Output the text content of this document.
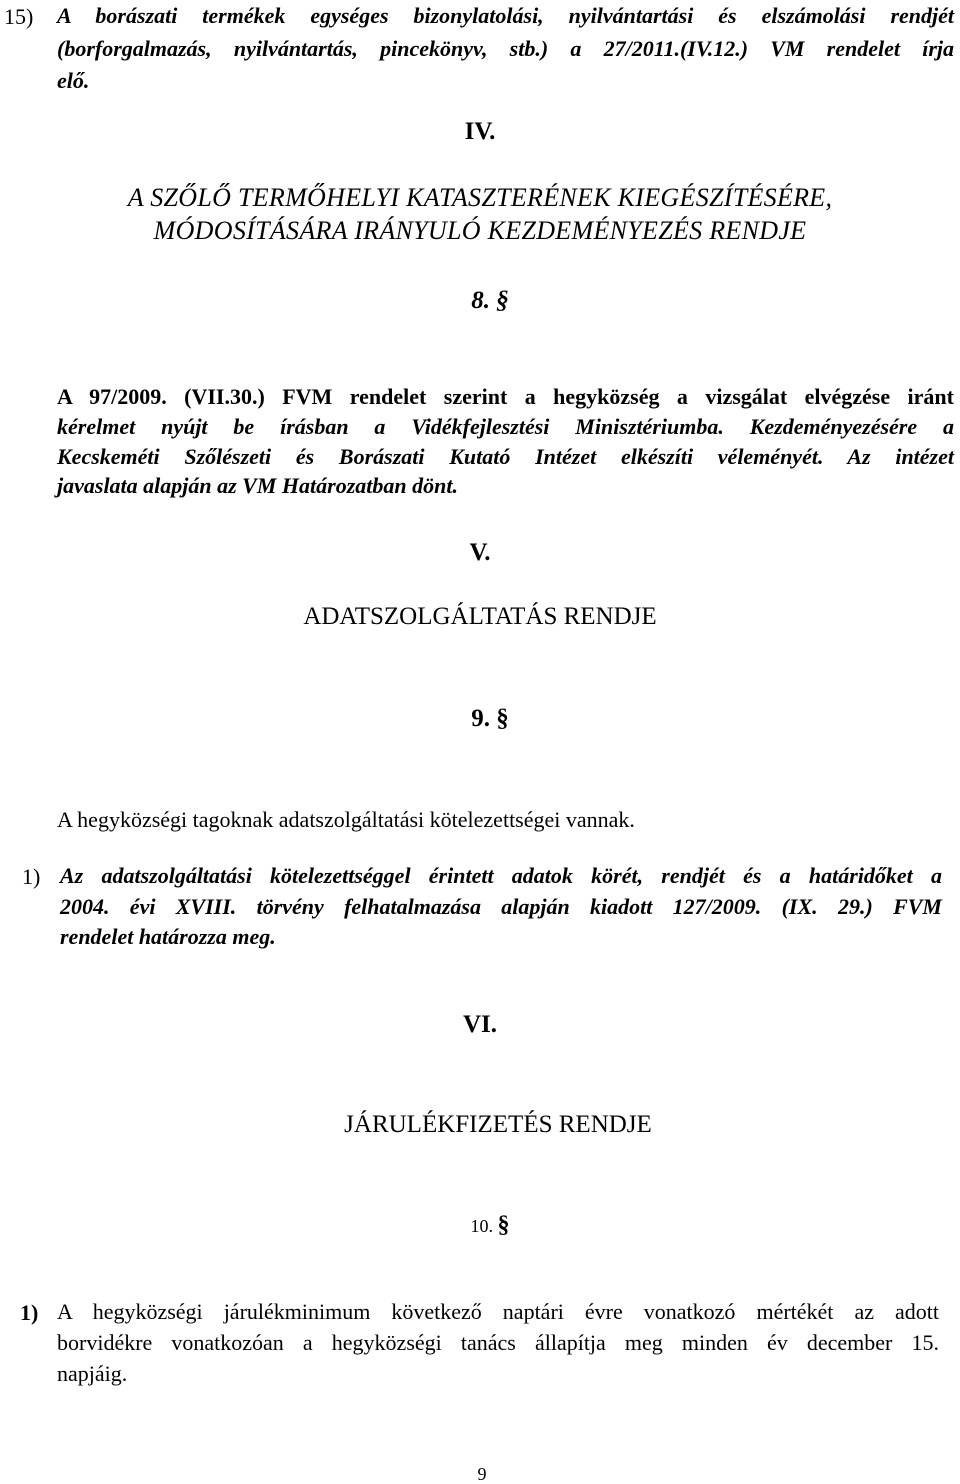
15) A borászati termékek egységes bizonylatolási, nyilvántartási és elszámolási rendjét
(borforgalmazás, nyilvántartás, pincekönyv, stb.) a 27/2011.(IV.12.) VM rendelet írja
elő.
IV.
A SZŐLŐ TERMŐHELYI KATASZTERÉNEK KIEGÉSZÍTÉSÉRE,
MÓDOSÍTÁSÁRA IRÁNYULÓ KEZDEMÉNYEZÉS RENDJE
8. §
A 97/2009. (VII.30.) FVM rendelet szerint a hegyközség a vizsgálat elvégzése iránt
kérelmet nyújt be írásban a Vidékfejlesztési Minisztériumba. Kezdeményezésére a
Kecskeméti Szőlészeti és Borászati Kutató Intézet elkészíti véleményét. Az intézet
javaslata alapján az VM Határozatban dönt.
V.
ADATSZOLGÁLTATÁS RENDJE
9. §
A hegyközségi tagoknak adatszolgáltatási kötelezettségei vannak.
1) Az adatszolgáltatási kötelezettséggel érintett adatok körét, rendjét és a határidőket a
2004. évi XVIII. törvény felhatalmazása alapján kiadott 127/2009. (IX. 29.) FVM
rendelet határozza meg.
VI.
JÁRULÉKFIZETÉS RENDJE
10. §
1) A hegyközségi járulékminimum következő naptári évre vonatkozó mértékét az adott
borvidékre vonatkozóan a hegyközségi tanács állapítja meg minden év december 15.
napjáig.
9
